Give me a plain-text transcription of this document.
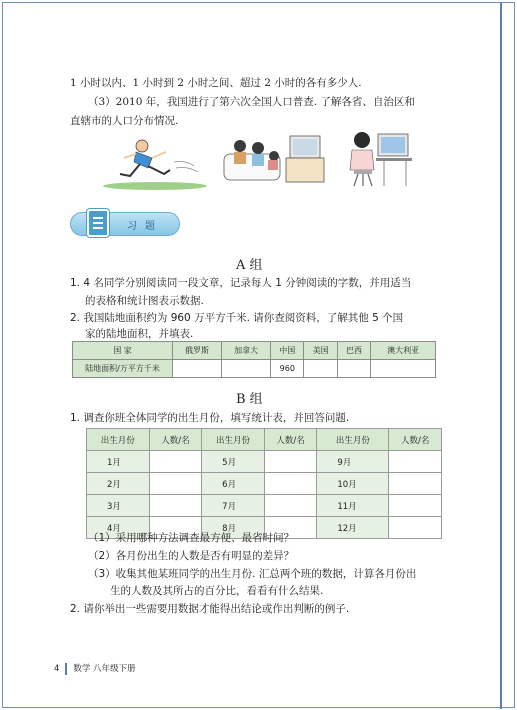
1 小时以内、1 小时到 2 小时之间、超过 2 小时的各有多少人.
（3）2010 年，我国进行了第六次全国人口普查. 了解各省、自治区和
直辖市的人口分布情况.
习题
A 组
1. 4 名同学分别阅读同一段文章，记录每人 1 分钟阅读的字数，并用适当
的表格和统计图表示数据.
2. 我国陆地面积约为 960 万平方千米. 请你查阅资料，了解其他 5 个国
家的陆地面积，并填表.
国 家	俄罗斯	加拿大	中国	美国	巴西	澳大利亚
陆地面积/万平方千米			960			
B 组
1. 调查你班全体同学的出生月份，填写统计表，并回答问题.
出生月份	人数/名	出生月份	人数/名	出生月份	人数/名
1月		5月		9月	
2月		6月		10月	
3月		7月		11月	
4月		8月		12月	
（1）采用哪种方法调查最方便、最省时间？
（2）各月份出生的人数是否有明显的差异？
（3）收集其他某班同学的出生月份. 汇总两个班的数据，计算各月份出
生的人数及其所占的百分比，看看有什么结果.
2. 请你举出一些需要用数据才能得出结论或作出判断的例子.
4 数学 八年级下册
